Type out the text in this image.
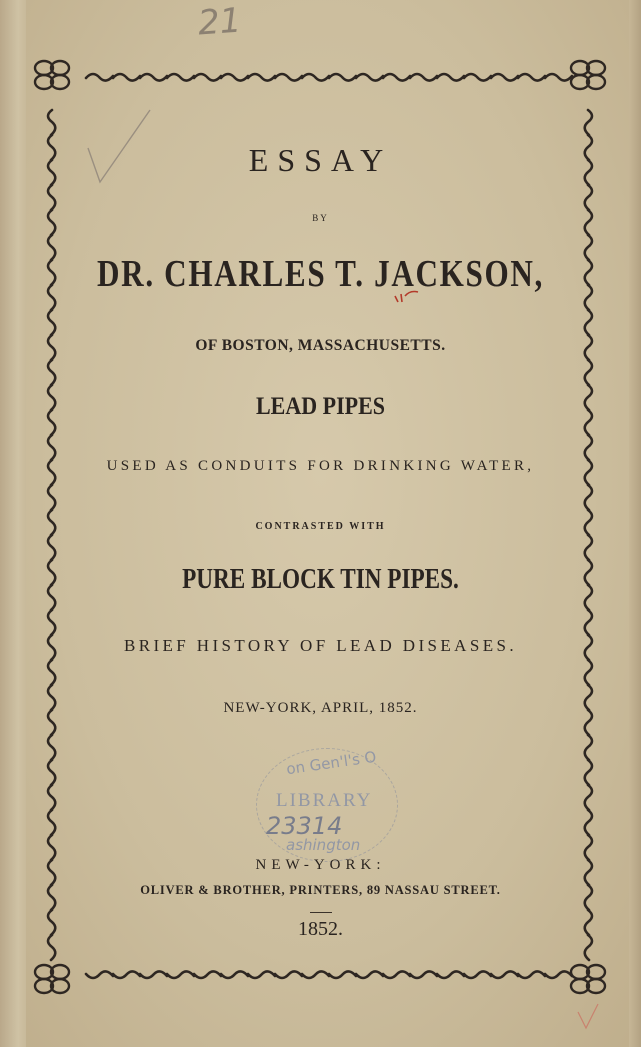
21
ESSAY
BY
DR. CHARLES T. JACKSON,
OF BOSTON, MASSACHUSETTS.
LEAD PIPES
USED AS CONDUITS FOR DRINKING WATER,
CONTRASTED WITH
PURE BLOCK TIN PIPES.
BRIEF HISTORY OF LEAD DISEASES.
NEW-YORK, APRIL, 1852.
on Gen'l's O
LIBRARY
23314
ashington
NEW-YORK:
OLIVER & BROTHER, PRINTERS, 89 NASSAU STREET.
1852.
